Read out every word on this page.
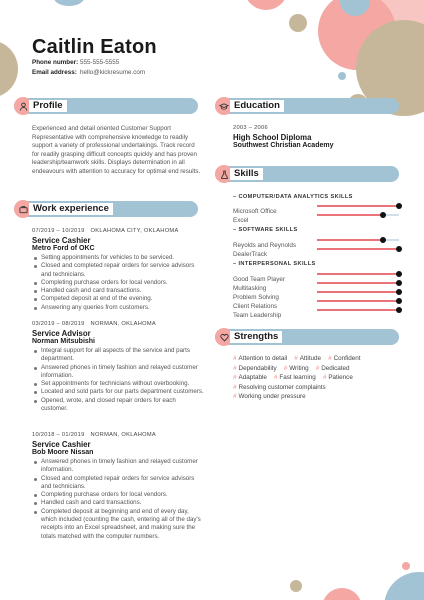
Caitlin Eaton
Phone number: 555-555-5555
Email address: hello@kickresume.com
Profile
Experienced and detail oriented Customer Support Representative with comprehensive knowledge to readily support a variety of professional undertakings. Track record for readily grasping difficult concepts quickly and has proven leadership/teamwork skills. Displays determination in all endeavours with attention to accuracy for optimal end results.
Work experience
07/2019 – 10/2019 OKLAHOMA CITY, OKLAHOMA
Service Cashier
Metro Ford of OKC
Setting appointments for vehicles to be serviced.
Closed and completed repair orders for service advisors and technicians.
Completing purchase orders for local vendors.
Handled cash and card transactions.
Competed deposit at end of the evening.
Answering any queries from customers.
03/2019 – 08/2019 NORMAN, OKLAHOMA
Service Advisor
Norman Mitsubishi
Integral support for all aspects of the service and parts department.
Answered phones in timely fashion and relayed customer information.
Set appointments for technicians without overbooking.
Located and sold parts for our parts department customers.
Opened, wrote, and closed repair orders for each customer.
10/2018 – 01/2019 NORMAN, OKLAHOMA
Service Cashier
Bob Moore Nissan
Answered phones in timely fashion and relayed customer information.
Closed and completed repair orders for service advisors and technicians.
Completing purchase orders for local vendors.
Handled cash and card transactions.
Completed deposit at beginning and end of every day, which included (counting the cash, entering all of the day's receipts into an Excel spreadsheet, and making sure the totals matched with the computer numbers.
Education
2003 – 2006
High School Diploma
Southwest Christian Academy
Skills
– COMPUTER/DATA ANALYTICS SKILLS
Microsoft Office
Excel
– SOFTWARE SKILLS
Reyolds and Reynolds
DealerTrack
– INTERPERSONAL SKILLS
Good Team Player
Multitasking
Problem Solving
Client Relations
Team Leadership
Strengths
# Attention to detail # Attitude # Confident
# Dependability # Writing # Dedicated
# Adaptable # Fast learning # Patience
# Resolving customer complaints
# Working under pressure
